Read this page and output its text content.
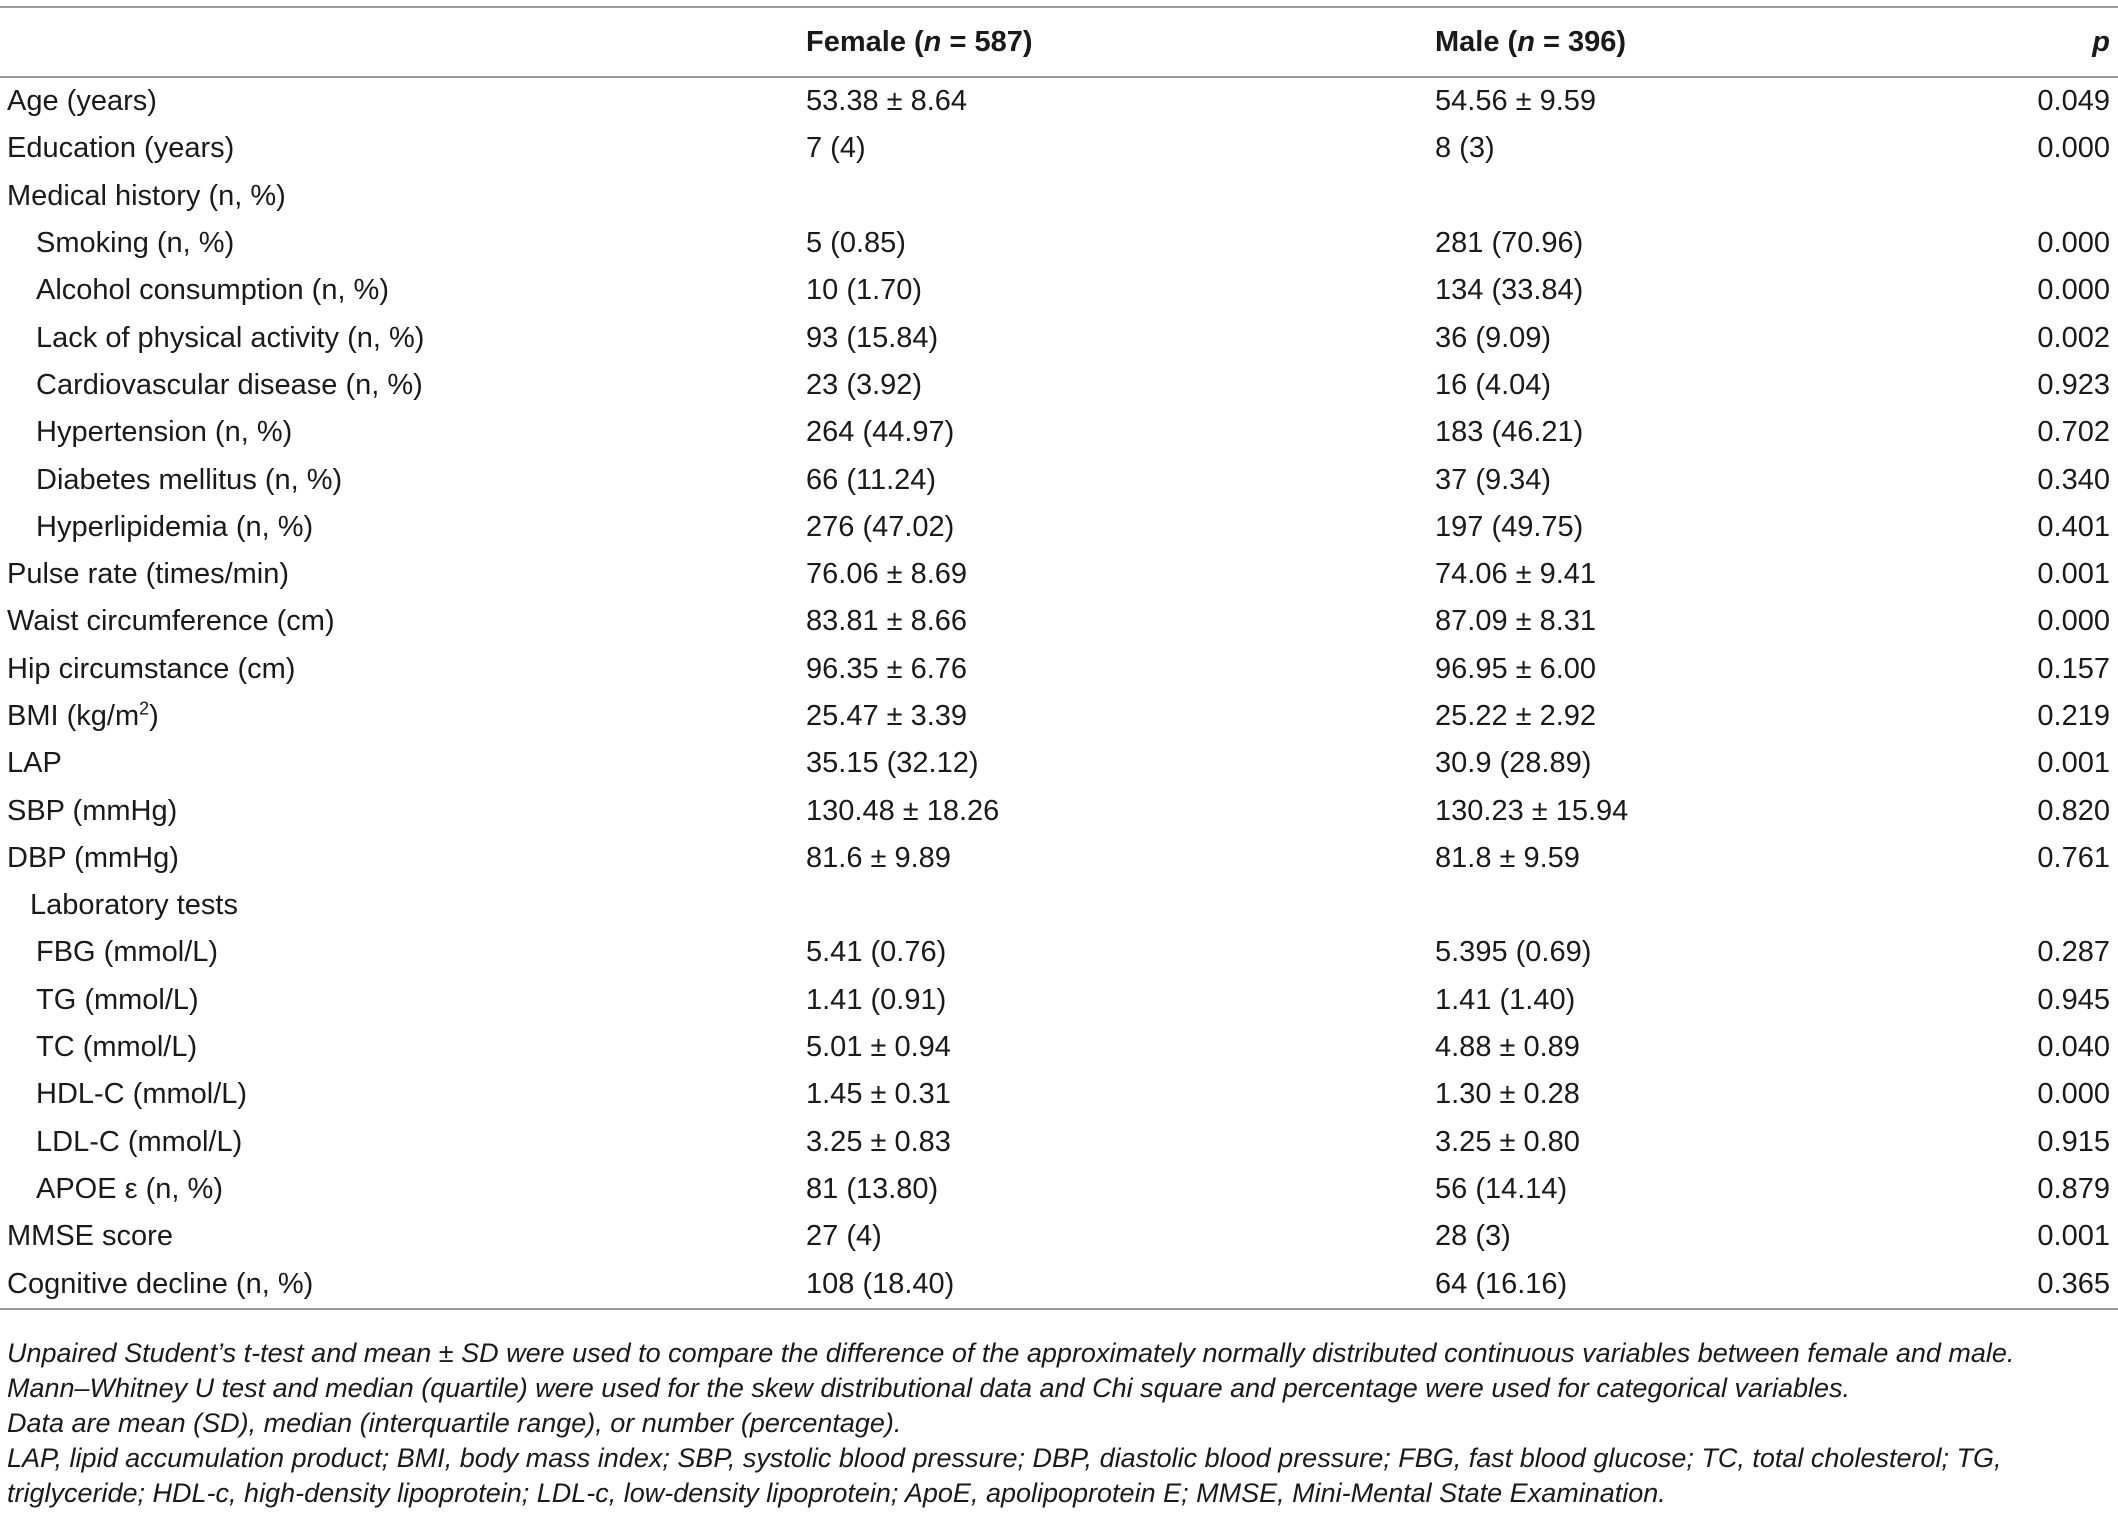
	Female (n = 587)	Male (n = 396)	p
Age (years)	53.38 ± 8.64	54.56 ± 9.59	0.049
Education (years)	7 (4)	8 (3)	0.000
Medical history (n, %)			
Smoking (n, %)	5 (0.85)	281 (70.96)	0.000
Alcohol consumption (n, %)	10 (1.70)	134 (33.84)	0.000
Lack of physical activity (n, %)	93 (15.84)	36 (9.09)	0.002
Cardiovascular disease (n, %)	23 (3.92)	16 (4.04)	0.923
Hypertension (n, %)	264 (44.97)	183 (46.21)	0.702
Diabetes mellitus (n, %)	66 (11.24)	37 (9.34)	0.340
Hyperlipidemia (n, %)	276 (47.02)	197 (49.75)	0.401
Pulse rate (times/min)	76.06 ± 8.69	74.06 ± 9.41	0.001
Waist circumference (cm)	83.81 ± 8.66	87.09 ± 8.31	0.000
Hip circumstance (cm)	96.35 ± 6.76	96.95 ± 6.00	0.157
BMI $(kg/m^2)$	25.47 ± 3.39	25.22 ± 2.92	0.219
LAP	35.15 (32.12)	30.9 (28.89)	0.001
SBP (mmHg)	130.48 ± 18.26	130.23 ± 15.94	0.820
DBP (mmHg)	81.6 ± 9.89	81.8 ± 9.59	0.761
Laboratory tests			
FBG (mmol/L)	5.41 (0.76)	5.395 (0.69)	0.287
TG (mmol/L)	1.41 (0.91)	1.41 (1.40)	0.945
TC (mmol/L)	5.01 ± 0.94	4.88 ± 0.89	0.040
HDL-C (mmol/L)	1.45 ± 0.31	1.30 ± 0.28	0.000
LDL-C (mmol/L)	3.25 ± 0.83	3.25 ± 0.80	0.915
APOE ε (n, %)	81 (13.80)	56 (14.14)	0.879
MMSE score	27 (4)	28 (3)	0.001
Cognitive decline (n, %)	108 (18.40)	64 (16.16)	0.365

Unpaired Student’s t-test and mean ± SD were used to compare the difference of the approximately normally distributed continuous variables between female and male.

Mann–Whitney U test and median (quartile) were used for the skew distributional data and Chi square and percentage were used for categorical variables.

Data are mean (SD), median (interquartile range), or number (percentage).

LAP, lipid accumulation product; BMI, body mass index; SBP, systolic blood pressure; DBP, diastolic blood pressure; FBG, fast blood glucose; TC, total cholesterol; TG,

triglyceride; HDL-c, high-density lipoprotein; LDL-c, low-density lipoprotein; ApoE, apolipoprotein E; MMSE, Mini-Mental State Examination.
